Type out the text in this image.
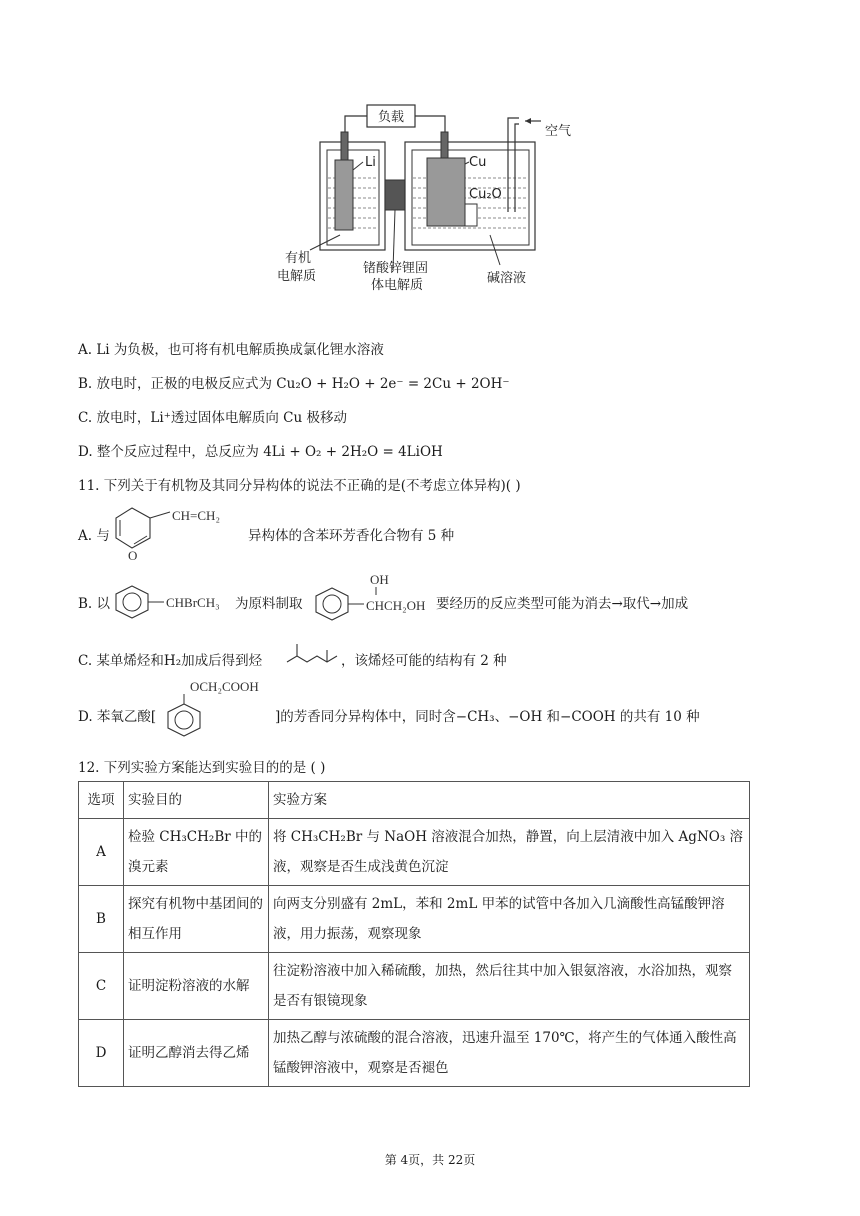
负载
Li	Cu
Cu₂O
空气
有机
电解质
锗酸锌锂固
体电解质	碱溶液
A. Li 为负极，也可将有机电解质换成氯化锂水溶液
B. 放电时，正极的电极反应式为 Cu₂O + H₂O + 2e⁻ = 2Cu + 2OH⁻
C. 放电时，Li⁺透过固体电解质向 Cu 极移动
D. 整个反应过程中，总反应为 4Li + O₂ + 2H₂O = 4LiOH
11. 下列关于有机物及其同分异构体的说法不正确的是(不考虑立体异构)( )
A. 与
O
CH=CH₂
异构体的含苯环芳香化合物有 5 种
B. 以	CHBrCH₃ 为原料制取
OH
CHCH₂OH 要经历的反应类型可能为消去→取代→加成
C. 某单烯烃和H₂加成后得到烃	，该烯烃可能的结构有 2 种
OCH₂COOH
D. 苯氧乙酸[	]的芳香同分异构体中，同时含−CH₃、−OH 和−COOH 的共有 10 种
12. 下列实验方案能达到实验目的的是 ( )
选项	实验目的	实验方案
A	检验 CH₃CH₂Br 中的溴元素	将 CH₃CH₂Br 与 NaOH 溶液混合加热，静置，向上层清液中加入 AgNO₃ 溶液，观察是否生成浅黄色沉淀
B	探究有机物中基团间的相互作用	向两支分别盛有 2mL，苯和 2mL 甲苯的试管中各加入几滴酸性高锰酸钾溶液，用力振荡，观察现象
C	证明淀粉溶液的水解	往淀粉溶液中加入稀硫酸，加热，然后往其中加入银氨溶液，水浴加热，观察是否有银镜现象
D	证明乙醇消去得乙烯	加热乙醇与浓硫酸的混合溶液，迅速升温至 170℃，将产生的气体通入酸性高锰酸钾溶液中，观察是否褪色
第 4页，共 22页
